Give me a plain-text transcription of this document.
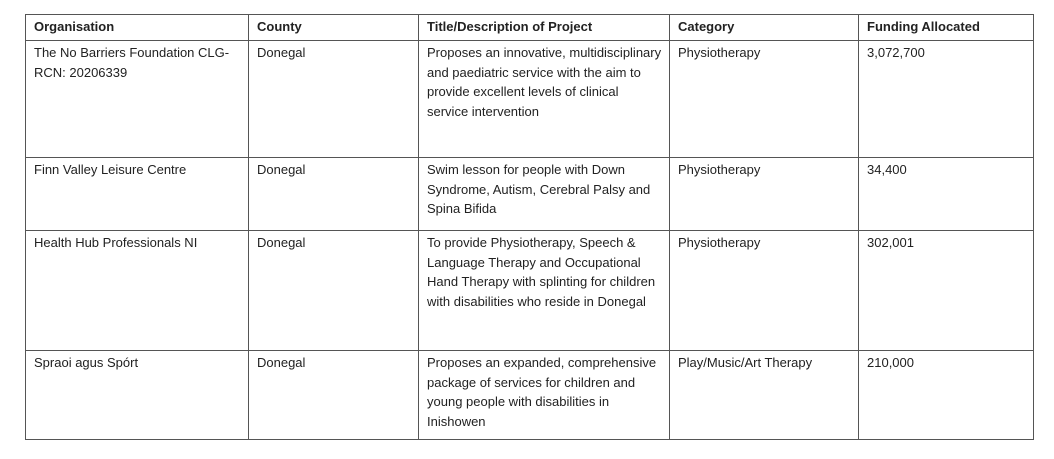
Organisation	County	Title/Description of Project	Category	Funding Allocated
The No Barriers Foundation CLG-RCN: 20206339	Donegal	Proposes an innovative, multidisciplinary and paediatric service with the aim to provide excellent levels of clinical service intervention	Physiotherapy	3,072,700
Finn Valley Leisure Centre	Donegal	Swim lesson for people with Down Syndrome, Autism, Cerebral Palsy and Spina Bifida	Physiotherapy	34,400
Health Hub Professionals NI	Donegal	To provide Physiotherapy, Speech & Language Therapy and Occupational Hand Therapy with splinting for children with disabilities who reside in Donegal	Physiotherapy	302,001
Spraoi agus Spórt	Donegal	Proposes an expanded, comprehensive package of services for children and young people with disabilities in Inishowen	Play/Music/Art Therapy	210,000
